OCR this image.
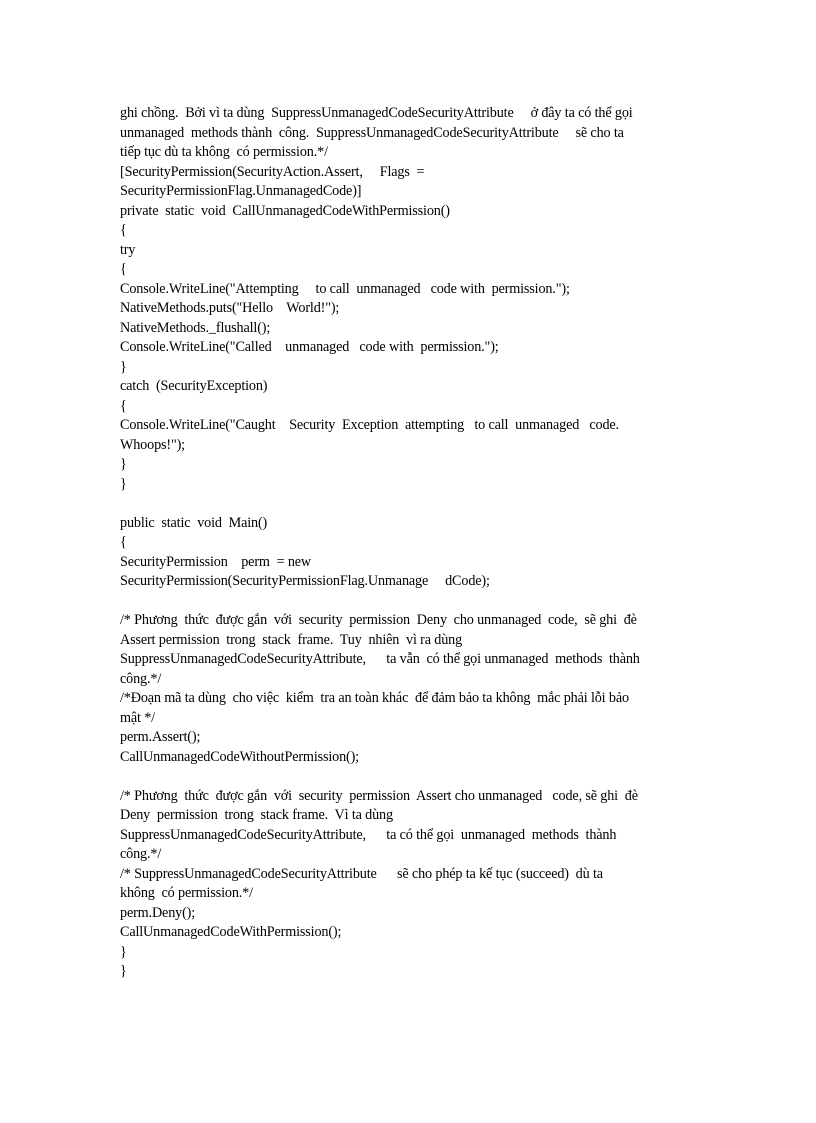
ghi chồng.  Bởi vì ta dùng  SuppressUnmanagedCodeSecurityAttribute     ở đây ta có thể gọi
unmanaged  methods thành  công.  SuppressUnmanagedCodeSecurityAttribute     sẽ cho ta
tiếp tục dù ta không  có permission.*/
[SecurityPermission(SecurityAction.Assert,     Flags  =
SecurityPermissionFlag.UnmanagedCode)]
private  static  void  CallUnmanagedCodeWithPermission()
{
try
{
Console.WriteLine("Attempting     to call  unmanaged   code with  permission.");
NativeMethods.puts("Hello    World!");
NativeMethods._flushall();
Console.WriteLine("Called    unmanaged   code with  permission.");
}
catch  (SecurityException)
{
Console.WriteLine("Caught    Security  Exception  attempting   to call  unmanaged   code.
Whoops!");
}
}
public  static  void  Main()
{
SecurityPermission    perm  = new
SecurityPermission(SecurityPermissionFlag.Unmanage     dCode);
/* Phương  thức  được gắn  với  security  permission  Deny  cho unmanaged  code,  sẽ ghi  đè
Assert permission  trong  stack  frame.  Tuy  nhiên  vì ra dùng
SuppressUnmanagedCodeSecurityAttribute,      ta vẫn  có thể gọi unmanaged  methods  thành
công.*/
/*Đoạn mã ta dùng  cho việc  kiểm  tra an toàn khác  để đảm bảo ta không  mắc phải lỗi bảo
mật */
perm.Assert();
CallUnmanagedCodeWithoutPermission();
/* Phương  thức  được gắn  với  security  permission  Assert cho unmanaged   code, sẽ ghi  đè
Deny  permission  trong  stack frame.  Vì ta dùng
SuppressUnmanagedCodeSecurityAttribute,      ta có thể gọi  unmanaged  methods  thành
công.*/
/* SuppressUnmanagedCodeSecurityAttribute      sẽ cho phép ta kế tục (succeed)  dù ta
không  có permission.*/
perm.Deny();
CallUnmanagedCodeWithPermission();
}
}
